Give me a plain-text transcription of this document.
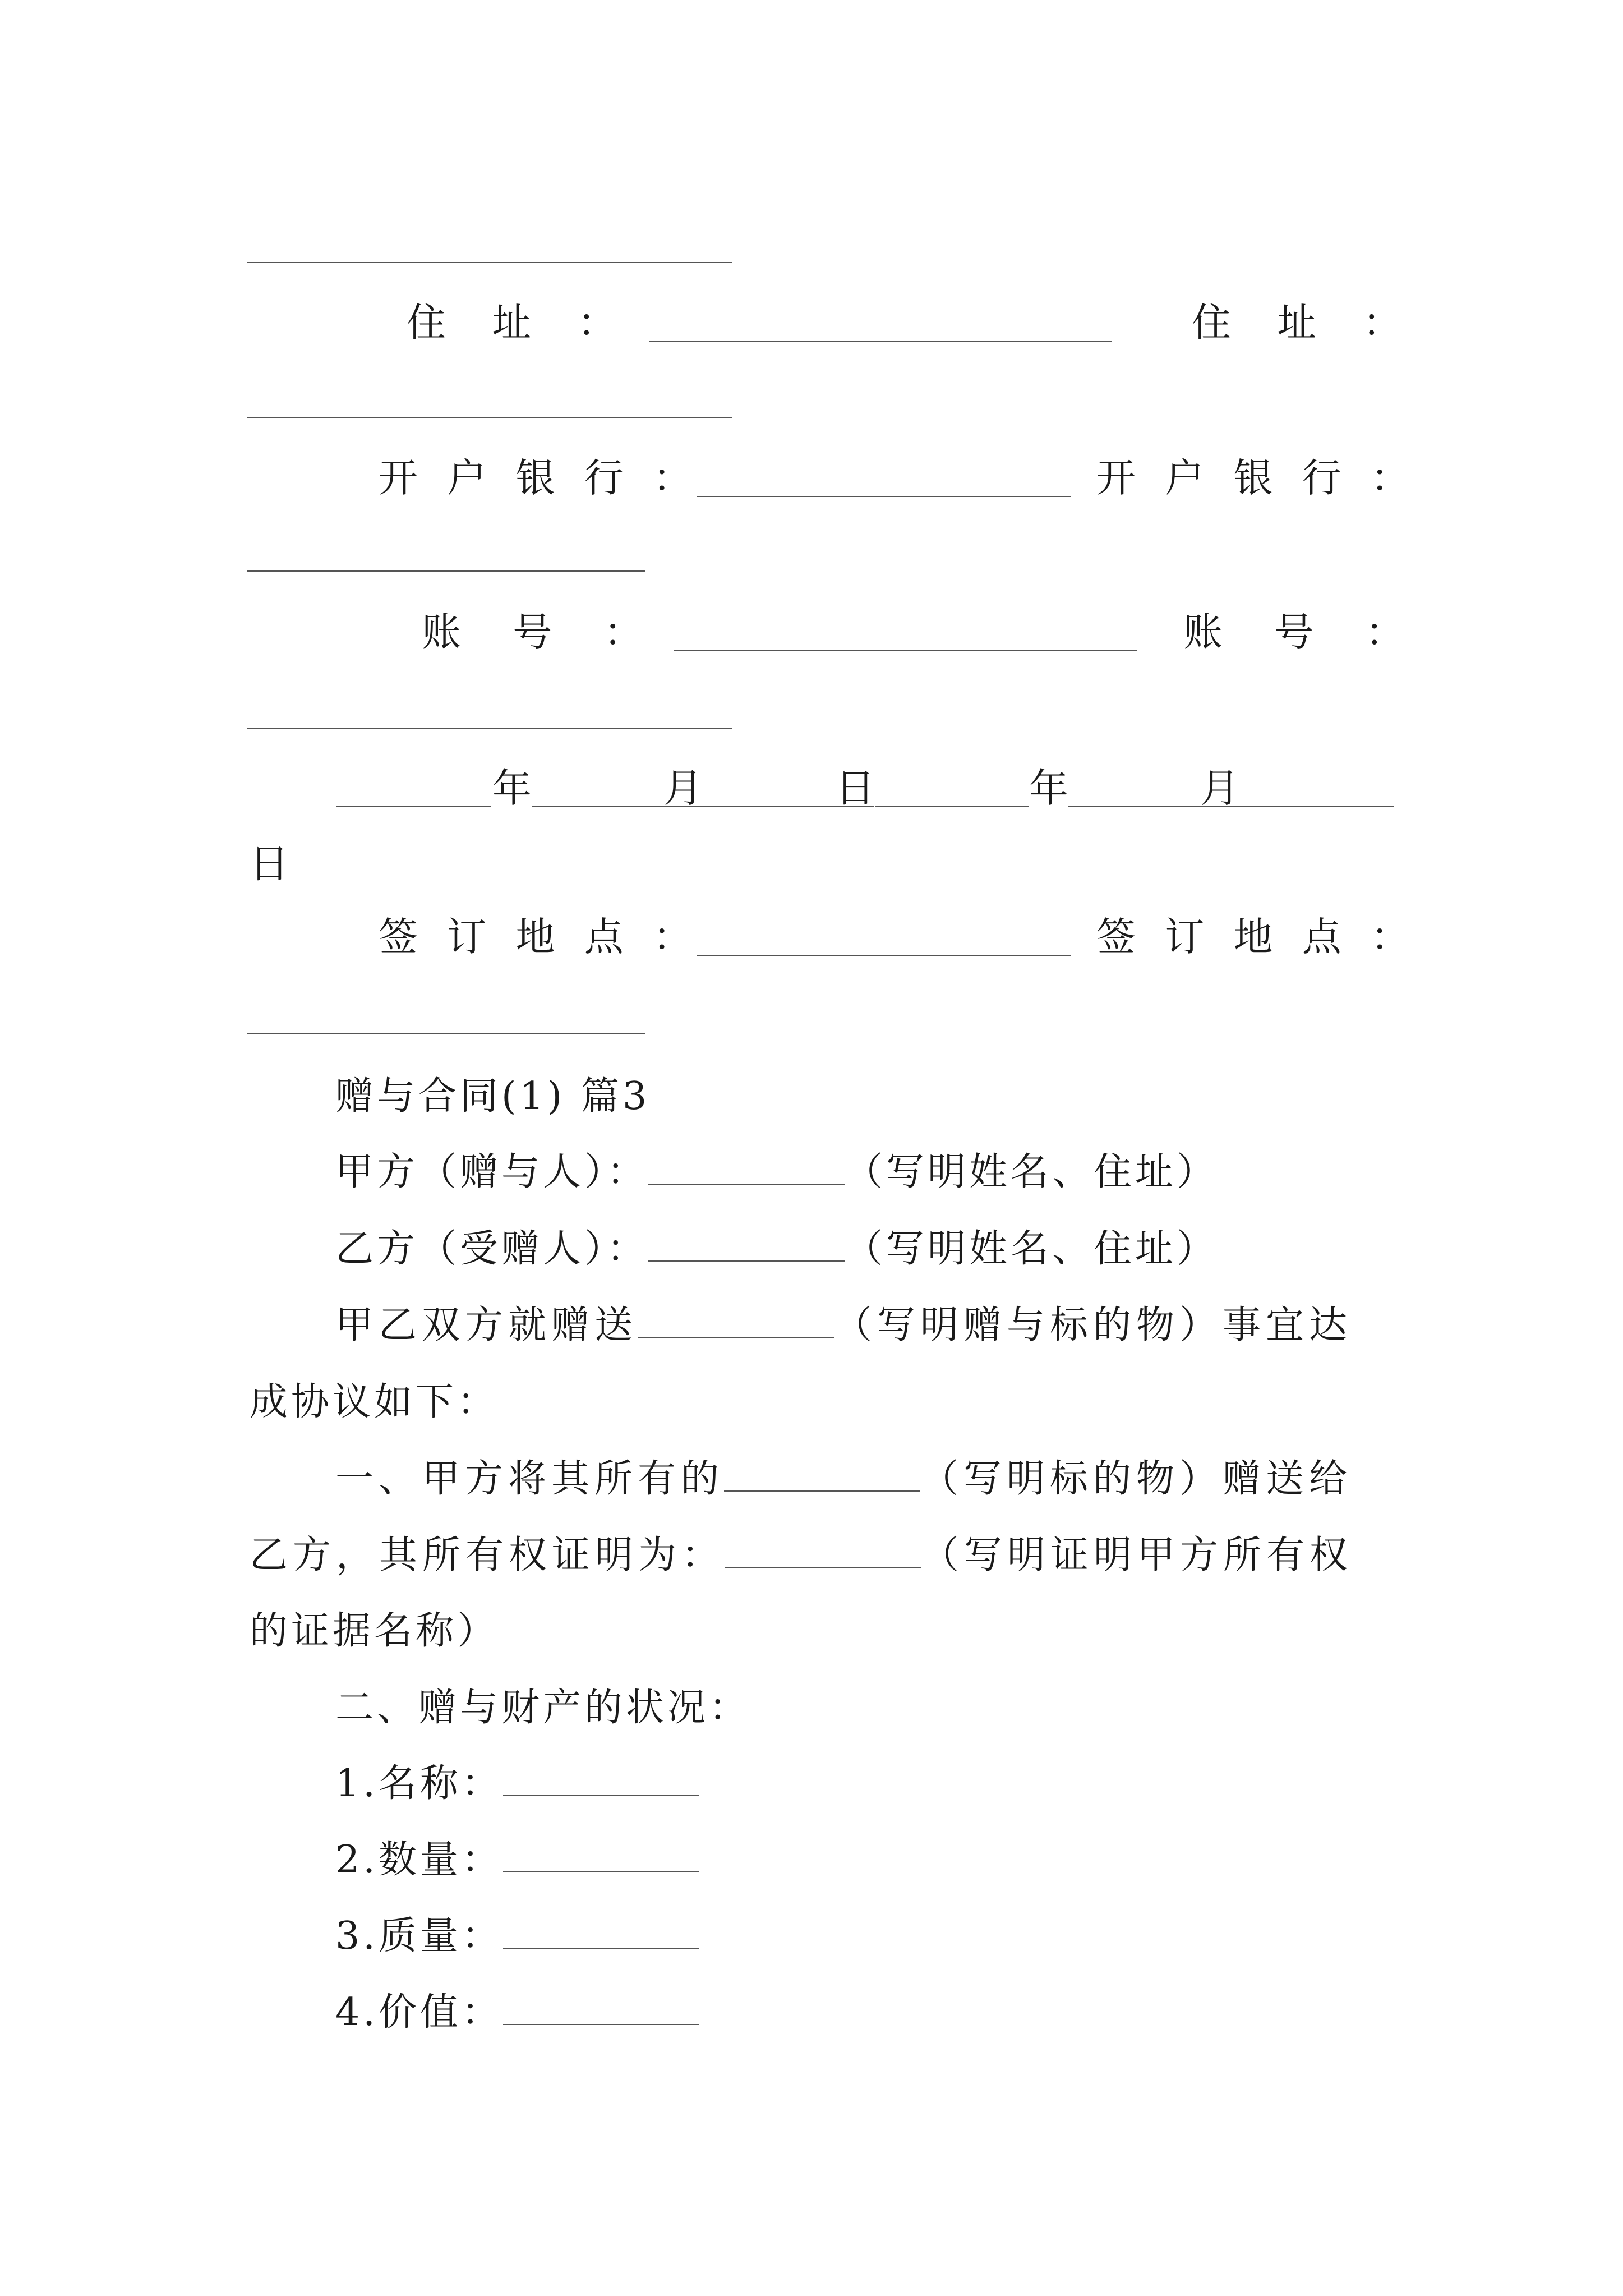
住 址 ：	住 址 ：
开 户 银 行 ：	开 户 银 行 ：
账 号 ：	账 号 ：
年	月	日	年	月
日
签 订 地 点 ：	签 订 地 点 ：
赠与合同(1) 篇3
甲方（赠与人）：	（写明姓名、住址）
乙方（受赠人）：	（写明姓名、住址）
甲乙双方就赠送	（写明赠与标的物）事宜达
成协议如下：
一、甲方将其所有的	（写明标的物）赠送给
乙方，其所有权证明为：	（写明证明甲方所有权
的证据名称）
二、赠与财产的状况：
1.名称：
2.数量：
3.质量：
4.价值：
